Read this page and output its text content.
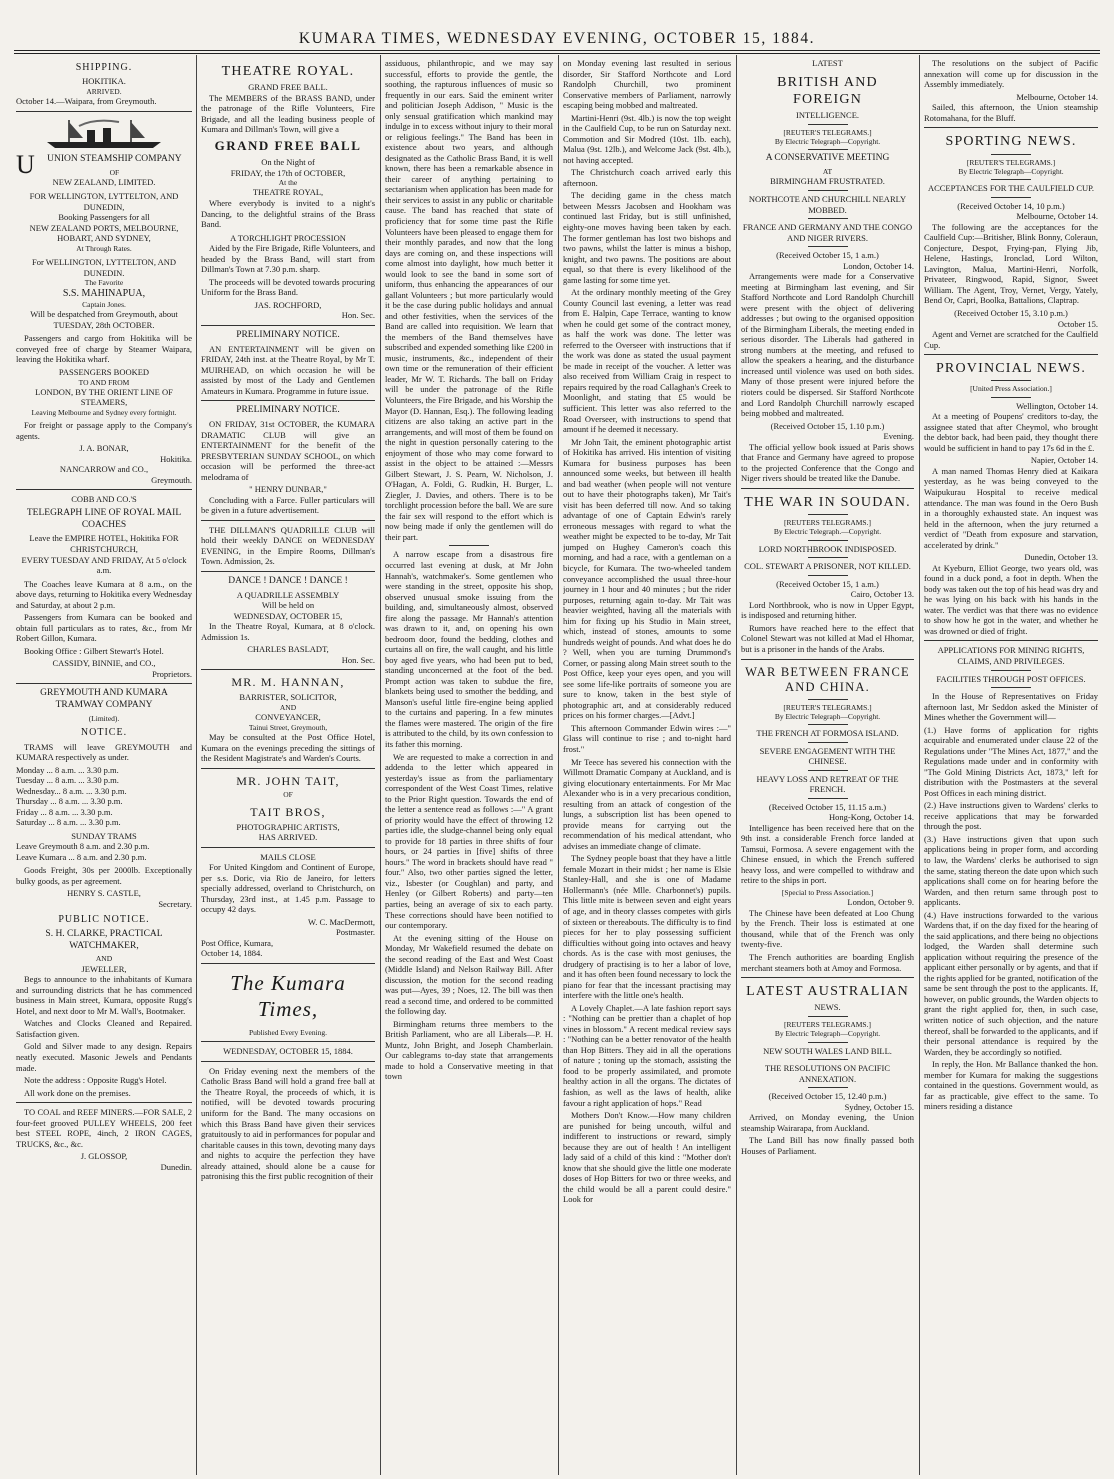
KUMARA TIMES, WEDNESDAY EVENING, OCTOBER 15, 1884.
SHIPPING.
HOKITIKA.
ARRIVED.

October 14.—Waipara, from Greymouth.

U UNION STEAMSHIP COMPANY
OF
NEW ZEALAND, LIMITED.
FOR WELLINGTON, LYTTELTON, AND DUNEDIN,
Booking Passengers for all
NEW ZEALAND PORTS, MELBOURNE, HOBART, AND SYDNEY,
At Through Rates.
For WELLINGTON, LYTTELTON, AND DUNEDIN.
The Favorite
S.S. MAHINAPUA,
Captain Jones.
Will be despatched from Greymouth, about
TUESDAY, 28th OCTOBER.

Passengers and cargo from Hokitika will be conveyed free of charge by Steamer Waipara, leaving the Hokitika wharf.

PASSENGERS BOOKED
TO AND FROM
LONDON, BY THE ORIENT LINE OF STEAMERS,
Leaving Melbourne and Sydney every fortnight.

For freight or passage apply to the Company's agents.

J. A. BONAR,
Hokitika.
NANCARROW and CO.,
Greymouth.
COBB AND CO.'S
TELEGRAPH LINE OF ROYAL MAIL COACHES
Leave the EMPIRE HOTEL, Hokitika FOR CHRISTCHURCH,
EVERY TUESDAY AND FRIDAY, At 5 o'clock a.m.

The Coaches leave Kumara at 8 a.m., on the above days, returning to Hokitika every Wednesday and Saturday, at about 2 p.m.

Passengers from Kumara can be booked and obtain full particulars as to rates, &c., from Mr Robert Gillon, Kumara.

Booking Office : Gilbert Stewart's Hotel.

CASSIDY, BINNIE, and CO.,
Proprietors.
GREYMOUTH AND KUMARA TRAMWAY COMPANY
(Limited).
NOTICE.

TRAMS will leave GREYMOUTH and KUMARA respectively as under.

Monday ... 8 a.m. ... 3.30 p.m.
Tuesday ... 8 a.m. ... 3.30 p.m.
Wednesday... 8 a.m. ... 3.30 p.m.
Thursday ... 8 a.m. ... 3.30 p.m.
Friday ... 8 a.m. ... 3.30 p.m.
Saturday ... 8 a.m. ... 3.30 p.m.
SUNDAY TRAMS
Leave Greymouth 8 a.m. and 2.30 p.m.
Leave Kumara ... 8 a.m. and 2.30 p.m.

Goods Freight, 30s per 2000lb. Exceptionally bulky goods, as per agreement.

HENRY S. CASTLE,
Secretary.
PUBLIC NOTICE.
S. H. CLARKE, PRACTICAL WATCHMAKER,
AND
JEWELLER,

Begs to announce to the inhabitants of Kumara and surrounding districts that he has commenced business in Main street, Kumara, opposite Rugg's Hotel, and next door to Mr M. Wall's, Bootmaker.

Watches and Clocks Cleaned and Repaired. Satisfaction given.

Gold and Silver made to any design. Repairs neatly executed. Masonic Jewels and Pendants made.

Note the address : Opposite Rugg's Hotel.

All work done on the premises.

TO COAL and REEF MINERS.—FOR SALE, 2 four-feet grooved PULLEY WHEELS, 200 feet best STEEL ROPE, 4inch, 2 IRON CAGES, TRUCKS, &c., &c.

J. GLOSSOP,
Dunedin.
THEATRE ROYAL.
GRAND FREE BALL.

The MEMBERS of the BRASS BAND, under the patronage of the Rifle Volunteers, Fire Brigade, and all the leading business people of Kumara and Dillman's Town, will give a

GRAND FREE BALL
On the Night of
FRIDAY, the 17th of OCTOBER,
At the
THEATRE ROYAL,

Where everybody is invited to a night's Dancing, to the delightful strains of the Brass Band.

A TORCHLIGHT PROCESSION

Aided by the Fire Brigade, Rifle Volunteers, and headed by the Brass Band, will start from Dillman's Town at 7.30 p.m. sharp.

The proceeds will be devoted towards procuring Uniform for the Brass Band.

JAS. ROCHFORD,
Hon. Sec.
PRELIMINARY NOTICE.

AN ENTERTAINMENT will be given on FRIDAY, 24th inst. at the Theatre Royal, by Mr T. MUIRHEAD, on which occasion he will be assisted by most of the Lady and Gentlemen Amateurs in Kumara. Programme in future issue.

PRELIMINARY NOTICE.

ON FRIDAY, 31st OCTOBER, the KUMARA DRAMATIC CLUB will give an ENTERTAINMENT for the benefit of the PRESBYTERIAN SUNDAY SCHOOL, on which occasion will be performed the three-act melodrama of

" HENRY DUNBAR,"

Concluding with a Farce. Fuller particulars will be given in a future advertisement.

THE DILLMAN'S QUADRILLE CLUB will hold their weekly DANCE on WEDNESDAY EVENING, in the Empire Rooms, Dillman's Town. Admission, 2s.

DANCE ! DANCE ! DANCE !
A QUADRILLE ASSEMBLY
Will be held on
WEDNESDAY, OCTOBER 15,

In the Theatre Royal, Kumara, at 8 o'clock. Admission 1s.

CHARLES BASLADT,
Hon. Sec.
MR. M. HANNAN,
BARRISTER, SOLICITOR,
AND
CONVEYANCER,
Tainui Street, Greymouth,

May be consulted at the Post Office Hotel, Kumara on the evenings preceding the sittings of the Resident Magistrate's and Warden's Courts.

MR. JOHN TAIT,
OF
TAIT BROS,
PHOTOGRAPHIC ARTISTS,
HAS ARRIVED.
MAILS CLOSE

For United Kingdom and Continent of Europe, per s.s. Doric, via Rio de Janeiro, for letters specially addressed, overland to Christchurch, on Thursday, 23rd inst., at 1.45 p.m. Passage to occupy 42 days.

W. C. MacDermott,
Postmaster.
Post Office, Kumara,
October 14, 1884.
The Kumara Times,
Published Every Evening.
WEDNESDAY, OCTOBER 15, 1884.

On Friday evening next the members of the Catholic Brass Band will hold a grand free ball at the Theatre Royal, the proceeds of which, it is notified, will be devoted towards procuring uniform for the Band. The many occasions on which this Brass Band have given their services gratuitously to aid in performances for popular and charitable causes in this town, devoting many days and nights to acquire the perfection they have already attained, should alone be a cause for patronising this the first public recognition of their

assiduous, philanthropic, and we may say successful, efforts to provide the gentle, the soothing, the rapturous influences of music so frequently in our ears. Said the eminent writer and politician Joseph Addison, " Music is the only sensual gratification which mankind may indulge in to excess without injury to their moral or religious feelings." The Band has been in existence about two years, and although designated as the Catholic Brass Band, it is well known, there has been a remarkable absence in their career of anything pertaining to sectarianism when application has been made for their services to assist in any public or charitable cause. The band has reached that state of proficiency that for some time past the Rifle Volunteers have been pleased to engage them for their monthly parades, and now that the long days are coming on, and these inspections will come almost into daylight, how much better it would look to see the band in some sort of uniform, thus enhancing the appearances of our gallant Volunteers ; but more particularly would it be the case during public holidays and annual and other festivities, when the services of the Band are called into requisition. We learn that the members of the Band themselves have subscribed and expended something like £200 in music, instruments, &c., independent of their own time or the remuneration of their efficient leader, Mr W. T. Richards. The ball on Friday will be under the patronage of the Rifle Volunteers, the Fire Brigade, and his Worship the Mayor (D. Hannan, Esq.). The following leading citizens are also taking an active part in the arrangements, and will most of them be found on the night in question personally catering to the enjoyment of those who may come forward to assist in the object to be attained :—Messrs Gilbert Stewart, J. S. Pearn, W. Nicholson, J. O'Hagan, A. Foldi, G. Rudkin, H. Burger, L. Ziegler, J. Davies, and others. There is to be torchlight procession before the ball. We are sure the fair sex will respond to the effort which is now being made if only the gentlemen will do their part.

A narrow escape from a disastrous fire occurred last evening at dusk, at Mr John Hannah's, watchmaker's. Some gentlemen who were standing in the street, opposite his shop, observed unusual smoke issuing from the building, and, simultaneously almost, observed fire along the passage. Mr Hannah's attention was drawn to it, and, on opening his own bedroom door, found the bedding, clothes and curtains all on fire, the wall caught, and his little boy aged five years, who had been put to bed, standing unconcerned at the foot of the bed. Prompt action was taken to subdue the fire, blankets being used to smother the bedding, and Manson's useful little fire-engine being applied to the curtains and papering. In a few minutes the flames were mastered. The origin of the fire is attributed to the child, by its own confession to its father this morning.

We are requested to make a correction in and addenda to the letter which appeared in yesterday's issue as from the parliamentary correspondent of the West Coast Times, relative to the Prior Right question. Towards the end of the letter a sentence read as follows :—" A grant of priority would have the effect of throwing 12 parties idle, the sludge-channel being only equal to provide for 18 parties in three shifts of four hours, or 24 parties in [five] shifts of three hours." The word in brackets should have read " four." Also, two other parties signed the letter, viz., Isbester (or Coughlan) and party, and Henley (or Gilbert Roberts) and party—ten parties, being an average of six to each party. These corrections should have been notified to our contemporary.

At the evening sitting of the House on Monday, Mr Wakefield resumed the debate on the second reading of the East and West Coast (Middle Island) and Nelson Railway Bill. After discussion, the motion for the second reading was put—Ayes, 39 ; Noes, 12. The bill was then read a second time, and ordered to be committed the following day.

Birmingham returns three members to the British Parliament, who are all Liberals—P. H. Muntz, John Bright, and Joseph Chamberlain. Our cablegrams to-day state that arrangements made to hold a Conservative meeting in that town

on Monday evening last resulted in serious disorder, Sir Stafford Northcote and Lord Randolph Churchill, two prominent Conservative members of Parliament, narrowly escaping being mobbed and maltreated.

Martini-Henri (9st. 4lb.) is now the top weight in the Caulfield Cup, to be run on Saturday next. Commotion and Sir Modred (10st. 1lb. each), Malua (9st. 12lb.), and Welcome Jack (9st. 4lb.), not having accepted.

The Christchurch coach arrived early this afternoon.

The deciding game in the chess match between Messrs Jacobsen and Hookham was continued last Friday, but is still unfinished, eighty-one moves having been taken by each. The former gentleman has lost two bishops and two pawns, whilst the latter is minus a bishop, knight, and two pawns. The positions are about equal, so that there is every likelihood of the game lasting for some time yet.

At the ordinary monthly meeting of the Grey County Council last evening, a letter was read from E. Halpin, Cape Terrace, wanting to know when he could get some of the contract money, as half the work was done. The letter was referred to the Overseer with instructions that if the work was done as stated the usual payment be made in receipt of the voucher. A letter was also received from William Craig in respect to repairs required by the road Callaghan's Creek to Moonlight, and stating that £5 would be sufficient. This letter was also referred to the Road Overseer, with instructions to spend that amount if he deemed it necessary.

Mr John Tait, the eminent photographic artist of Hokitika has arrived. His intention of visiting Kumara for business purposes has been announced some weeks, but between ill health and bad weather (when people will not venture out to have their photographs taken), Mr Tait's visit has been deferred till now. And so taking advantage of one of Captain Edwin's rarely erroneous messages with regard to what the weather might be expected to be to-day, Mr Tait jumped on Hughey Cameron's coach this morning, and had a race, with a gentleman on a bicycle, for Kumara. The two-wheeled tandem conveyance accomplished the usual three-hour journey in 1 hour and 40 minutes ; but the rider purposes, returning again to-day. Mr Tait was heavier weighted, having all the materials with him for fixing up his Studio in Main street, which, instead of stones, amounts to some hundreds weight of pounds. And what does he do ? Well, when you are turning Drummond's Corner, or passing along Main street south to the Post Office, keep your eyes open, and you will see some life-like portraits of someone you are sure to know, taken in the best style of photographic art, and at considerably reduced prices on his former charges.—[Advt.]

This afternoon Commander Edwin wires :—" Glass will continue to rise ; and to-night hard frost."

Mr Teece has severed his connection with the Willmott Dramatic Company at Auckland, and is giving elocutionary entertainments. For Mr Mac Alexander who is in a very precarious condition, resulting from an attack of congestion of the lungs, a subscription list has been opened to provide means for carrying out the recommendation of his medical attendant, who advises an immediate change of climate.

The Sydney people boast that they have a little female Mozart in their midst ; her name is Elsie Stanley-Hall, and she is one of Madame Hollermann's (née Mlle. Charbonnet's) pupils. This little mite is between seven and eight years of age, and in theory classes competes with girls of sixteen or thereabouts. The difficulty is to find pieces for her to play possessing sufficient difficulties without going into octaves and heavy chords. As is the case with most geniuses, the drudgery of practising is to her a labor of love, and it has often been found necessary to lock the piano for fear that the incessant practising may interfere with the little one's health.

A Lovely Chaplet.—A late fashion report says : "Nothing can be prettier than a chaplet of hop vines in blossom." A recent medical review says : "Nothing can be a better renovator of the health than Hop Bitters. They aid in all the operations of nature ; toning up the stomach, assisting the food to be properly assimilated, and promote healthy action in all the organs. The dictates of fashion, as well as the laws of health, alike favour a right application of hops." Read

Mothers Don't Know.—How many children are punished for being uncouth, wilful and indifferent to instructions or reward, simply because they are out of health ! An intelligent lady said of a child of this kind : "Mother don't know that she should give the little one moderate doses of Hop Bitters for two or three weeks, and the child would be all a parent could desire." Look for

LATEST
BRITISH AND FOREIGN
INTELLIGENCE.
[REUTER'S TELEGRAMS.]
By Electric Telegraph—Copyright.
A CONSERVATIVE MEETING
AT
BIRMINGHAM FRUSTRATED.
NORTHCOTE AND CHURCHILL NEARLY MOBBED.
FRANCE AND GERMANY AND THE CONGO AND NIGER RIVERS.
(Received October 15, 1 a.m.)
London, October 14.

Arrangements were made for a Conservative meeting at Birmingham last evening, and Sir Stafford Northcote and Lord Randolph Churchill were present with the object of delivering addresses ; but owing to the organised opposition of the Birmingham Liberals, the meeting ended in serious disorder. The Liberals had gathered in strong numbers at the meeting, and refused to allow the speakers a hearing, and the disturbance increased until violence was used on both sides. Many of those present were injured before the rioters could be dispersed. Sir Stafford Northcote and Lord Randolph Churchill narrowly escaped being mobbed and maltreated.

(Received October 15, 1.10 p.m.)
Evening.

The official yellow book issued at Paris shows that France and Germany have agreed to propose to the projected Conference that the Congo and Niger rivers should be treated like the Danube.

THE WAR IN SOUDAN.
[REUTERS TELEGRAMS.]
By Electric Telegraph.—Copyright.
LORD NORTHBROOK INDISPOSED.
COL. STEWART A PRISONER, NOT KILLED.
(Received October 15, 1 a.m.)
Cairo, October 13.

Lord Northbrook, who is now in Upper Egypt, is indisposed and returning hither.

Rumors have reached here to the effect that Colonel Stewart was not killed at Mad el Hhomar, but is a prisoner in the hands of the Arabs.

WAR BETWEEN FRANCE AND CHINA.
[REUTER'S TELEGRAMS.]
By Electric Telegraph—Copyright.
THE FRENCH AT FORMOSA ISLAND.
SEVERE ENGAGEMENT WITH THE CHINESE.
HEAVY LOSS AND RETREAT OF THE FRENCH.
(Received October 15, 11.15 a.m.)
Hong-Kong, October 14.

Intelligence has been received here that on the 9th inst. a considerable French force landed at Tamsui, Formosa. A severe engagement with the Chinese ensued, in which the French suffered heavy loss, and were compelled to withdraw and retire to the ships in port.

[Special to Press Association.]
London, October 9.

The Chinese have been defeated at Loo Chung by the French. Their loss is estimated at one thousand, while that of the French was only twenty-five.

The French authorities are boarding English merchant steamers both at Amoy and Formosa.

LATEST AUSTRALIAN
NEWS.
[REUTERS TELEGRAMS.]
By Electric Telegraph—Copyright.
NEW SOUTH WALES LAND BILL.
THE RESOLUTIONS ON PACIFIC ANNEXATION.
(Received October 15, 12.40 p.m.)
Sydney, October 15.

Arrived, on Monday evening, the Union steamship Wairarapa, from Auckland.

The Land Bill has now finally passed both Houses of Parliament.

The resolutions on the subject of Pacific annexation will come up for discussion in the Assembly immediately.

Melbourne, October 14.

Sailed, this afternoon, the Union steamship Rotomahana, for the Bluff.

SPORTING NEWS.
[REUTER'S TELEGRAMS.]
By Electric Telegraph—Copyright.
ACCEPTANCES FOR THE CAULFIELD CUP.
(Received October 14, 10 p.m.)
Melbourne, October 14.

The following are the acceptances for the Caulfield Cup:—Britisher, Blink Bonny, Coleraun, Conjecture, Despot, Frying-pan, Flying Jib, Helene, Hastings, Ironclad, Lord Wilton, Lavington, Malua, Martini-Henri, Norfolk, Privateer, Ringwood, Rapid, Signor, Sweet William. The Agent, Troy, Vernet, Vergy, Yately, Bend Or, Capri, Boolka, Battalions, Claptrap.

(Received October 15, 3.10 p.m.)
October 15.

Agent and Vernet are scratched for the Caulfield Cup.

PROVINCIAL NEWS.
[United Press Association.]
Wellington, October 14.

At a meeting of Poupens' creditors to-day, the assignee stated that after Cheymol, who brought the debtor back, had been paid, they thought there would be sufficient in hand to pay 17s 6d in the £.

Napier, October 14.

A man named Thomas Henry died at Kaikara yesterday, as he was being conveyed to the Waipukurau Hospital to receive medical attendance. The man was found in the Oero Bush in a thoroughly exhausted state. An inquest was held in the afternoon, when the jury returned a verdict of "Death from exposure and starvation, accelerated by drink."

Dunedin, October 13.

At Kyeburn, Elliot George, two years old, was found in a duck pond, a foot in depth. When the body was taken out the top of his head was dry and he was lying on his back with his hands in the water. The verdict was that there was no evidence to show how he got in the water, and whether he was drowned or died of fright.

APPLICATIONS FOR MINING RIGHTS, CLAIMS, AND PRIVILEGES.
FACILITIES THROUGH POST OFFICES.

In the House of Representatives on Friday afternoon last, Mr Seddon asked the Minister of Mines whether the Government will—

(1.) Have forms of application for rights acquirable and enumerated under clause 22 of the Regulations under "The Mines Act, 1877," and the Regulations made under and in conformity with "The Gold Mining Districts Act, 1873," left for distribution with the Postmasters at the several Post Offices in each mining district.

(2.) Have instructions given to Wardens' clerks to receive applications that may be forwarded through the post.

(3.) Have instructions given that upon such applications being in proper form, and according to law, the Wardens' clerks be authorised to sign the same, stating thereon the date upon which such applications shall come on for hearing before the Warden, and then return same through post to applicants.

(4.) Have instructions forwarded to the various Wardens that, if on the day fixed for the hearing of the said applications, and there being no objections lodged, the Warden shall determine such application without requiring the presence of the applicant either personally or by agents, and that if the rights applied for be granted, notification of the same be sent through the post to the applicants. If, however, on public grounds, the Warden objects to grant the right applied for, then, in such case, written notice of such objection, and the nature thereof, shall be forwarded to the applicants, and if their personal attendance is required by the Warden, they be accordingly so notified.

In reply, the Hon. Mr Ballance thanked the hon. member for Kumara for making the suggestions contained in the questions. Government would, as far as practicable, give effect to the same. To miners residing a distance
